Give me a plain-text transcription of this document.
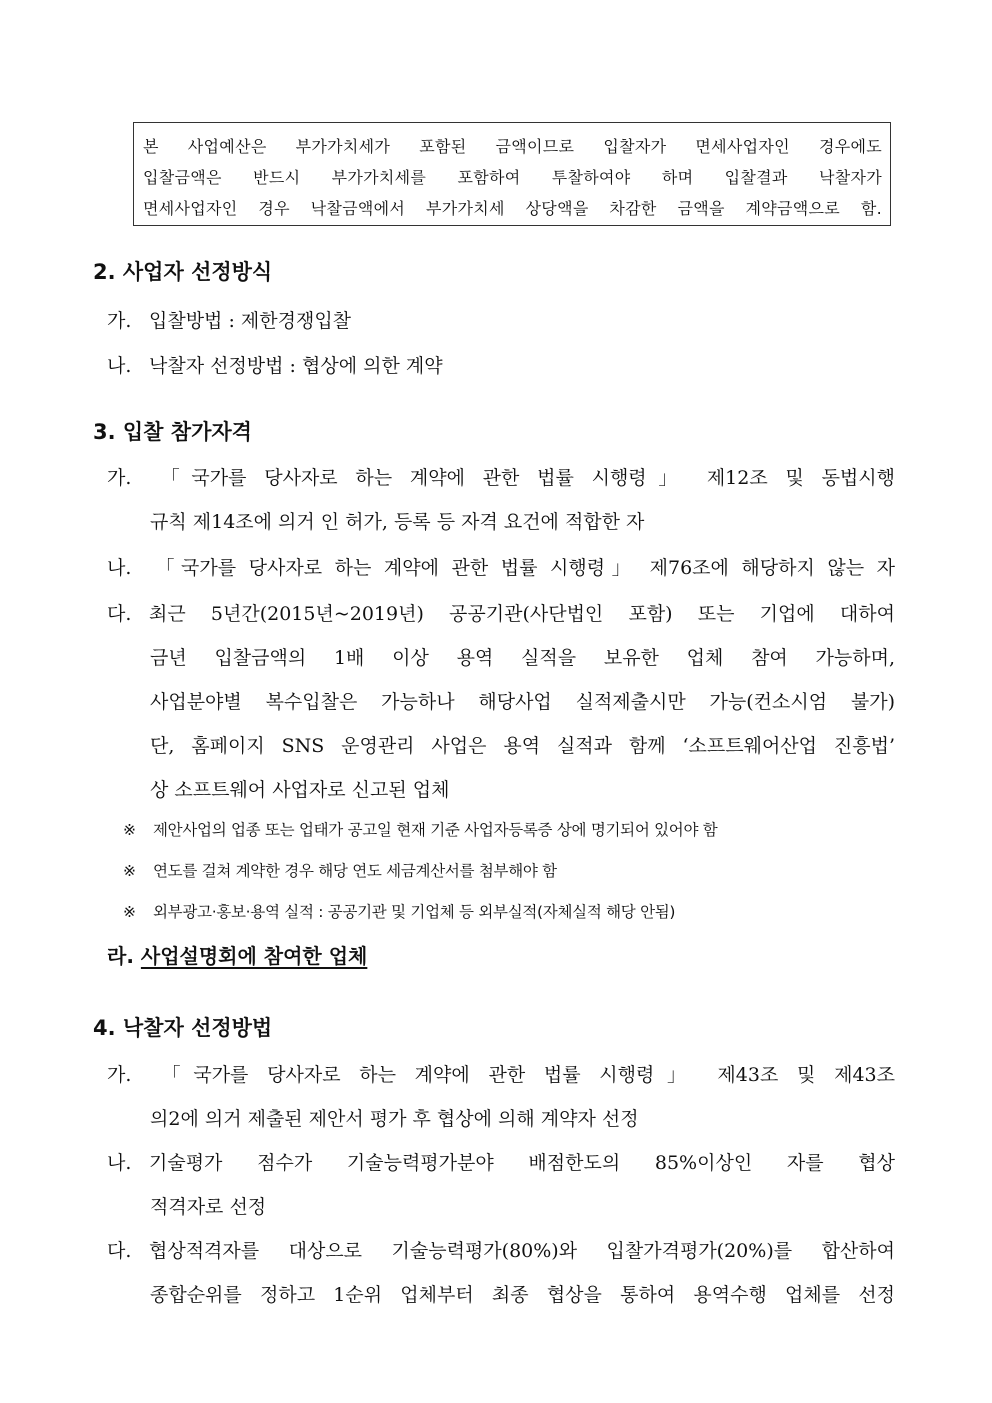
본 사업예산은 부가가치세가 포함된 금액이므로 입찰자가 면세사업자인 경우에도

입찰금액은 반드시 부가가치세를 포함하여 투찰하여야 하며 입찰결과 낙찰자가

면세사업자인 경우 낙찰금액에서 부가가치세 상당액을 차감한 금액을 계약금액으로 함.

2. 사업자 선정방식
가. 입찰방법 : 제한경쟁입찰
나. 낙찰자 선정방법 : 협상에 의한 계약
3. 입찰 참가자격
가. 「국가를 당사자로 하는 계약에 관한 법률 시행령」 제12조 및 동법시행
규칙 제14조에 의거 인 허가, 등록 등 자격 요건에 적합한 자
나. 「국가를 당사자로 하는 계약에 관한 법률 시행령」 제76조에 해당하지 않는 자
다. 최근 5년간(2015년~2019년) 공공기관(사단법인 포함) 또는 기업에 대하여
금년 입찰금액의 1배 이상 용역 실적을 보유한 업체 참여 가능하며,
사업분야별 복수입찰은 가능하나 해당사업 실적제출시만 가능(컨소시엄 불가)
단, 홈페이지 SNS 운영관리 사업은 용역 실적과 함께 ‘소프트웨어산업 진흥법’
상 소프트웨어 사업자로 신고된 업체
※ 제안사업의 업종 또는 업태가 공고일 현재 기준 사업자등록증 상에 명기되어 있어야 함
※ 연도를 걸쳐 계약한 경우 해당 연도 세금계산서를 첨부해야 함
※ 외부광고·홍보·용역 실적 : 공공기관 및 기업체 등 외부실적(자체실적 해당 안됨)
라. 사업설명회에 참여한 업체
4. 낙찰자 선정방법
가. 「국가를 당사자로 하는 계약에 관한 법률 시행령」 제43조 및 제43조
의2에 의거 제출된 제안서 평가 후 협상에 의해 계약자 선정
나. 기술평가 점수가 기술능력평가분야 배점한도의 85%이상인 자를 협상
적격자로 선정
다. 협상적격자를 대상으로 기술능력평가(80%)와 입찰가격평가(20%)를 합산하여
종합순위를 정하고 1순위 업체부터 최종 협상을 통하여 용역수행 업체를 선정
